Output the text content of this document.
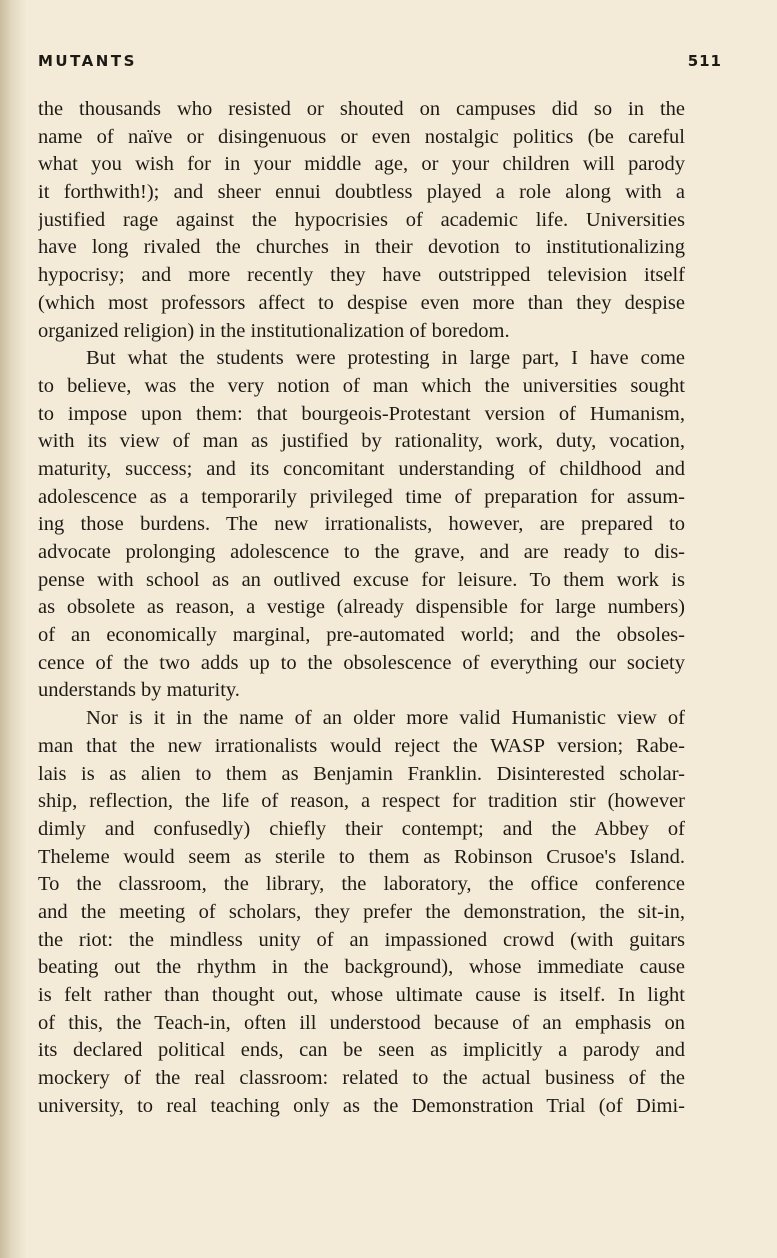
MUTANTS	511
the thousands who resisted or shouted on campuses did so in the
name of naïve or disingenuous or even nostalgic politics (be careful
what you wish for in your middle age, or your children will parody
it forthwith!); and sheer ennui doubtless played a role along with a
justified rage against the hypocrisies of academic life. Universities
have long rivaled the churches in their devotion to institutionalizing
hypocrisy; and more recently they have outstripped television itself
(which most professors affect to despise even more than they despise
organized religion) in the institutionalization of boredom.
But what the students were protesting in large part, I have come
to believe, was the very notion of man which the universities sought
to impose upon them: that bourgeois-Protestant version of Humanism,
with its view of man as justified by rationality, work, duty, vocation,
maturity, success; and its concomitant understanding of childhood and
adolescence as a temporarily privileged time of preparation for assum-
ing those burdens. The new irrationalists, however, are prepared to
advocate prolonging adolescence to the grave, and are ready to dis-
pense with school as an outlived excuse for leisure. To them work is
as obsolete as reason, a vestige (already dispensible for large numbers)
of an economically marginal, pre-automated world; and the obsoles-
cence of the two adds up to the obsolescence of everything our society
understands by maturity.
Nor is it in the name of an older more valid Humanistic view of
man that the new irrationalists would reject the WASP version; Rabe-
lais is as alien to them as Benjamin Franklin. Disinterested scholar-
ship, reflection, the life of reason, a respect for tradition stir (however
dimly and confusedly) chiefly their contempt; and the Abbey of
Theleme would seem as sterile to them as Robinson Crusoe's Island.
To the classroom, the library, the laboratory, the office conference
and the meeting of scholars, they prefer the demonstration, the sit-in,
the riot: the mindless unity of an impassioned crowd (with guitars
beating out the rhythm in the background), whose immediate cause
is felt rather than thought out, whose ultimate cause is itself. In light
of this, the Teach-in, often ill understood because of an emphasis on
its declared political ends, can be seen as implicitly a parody and
mockery of the real classroom: related to the actual business of the
university, to real teaching only as the Demonstration Trial (of Dimi-
